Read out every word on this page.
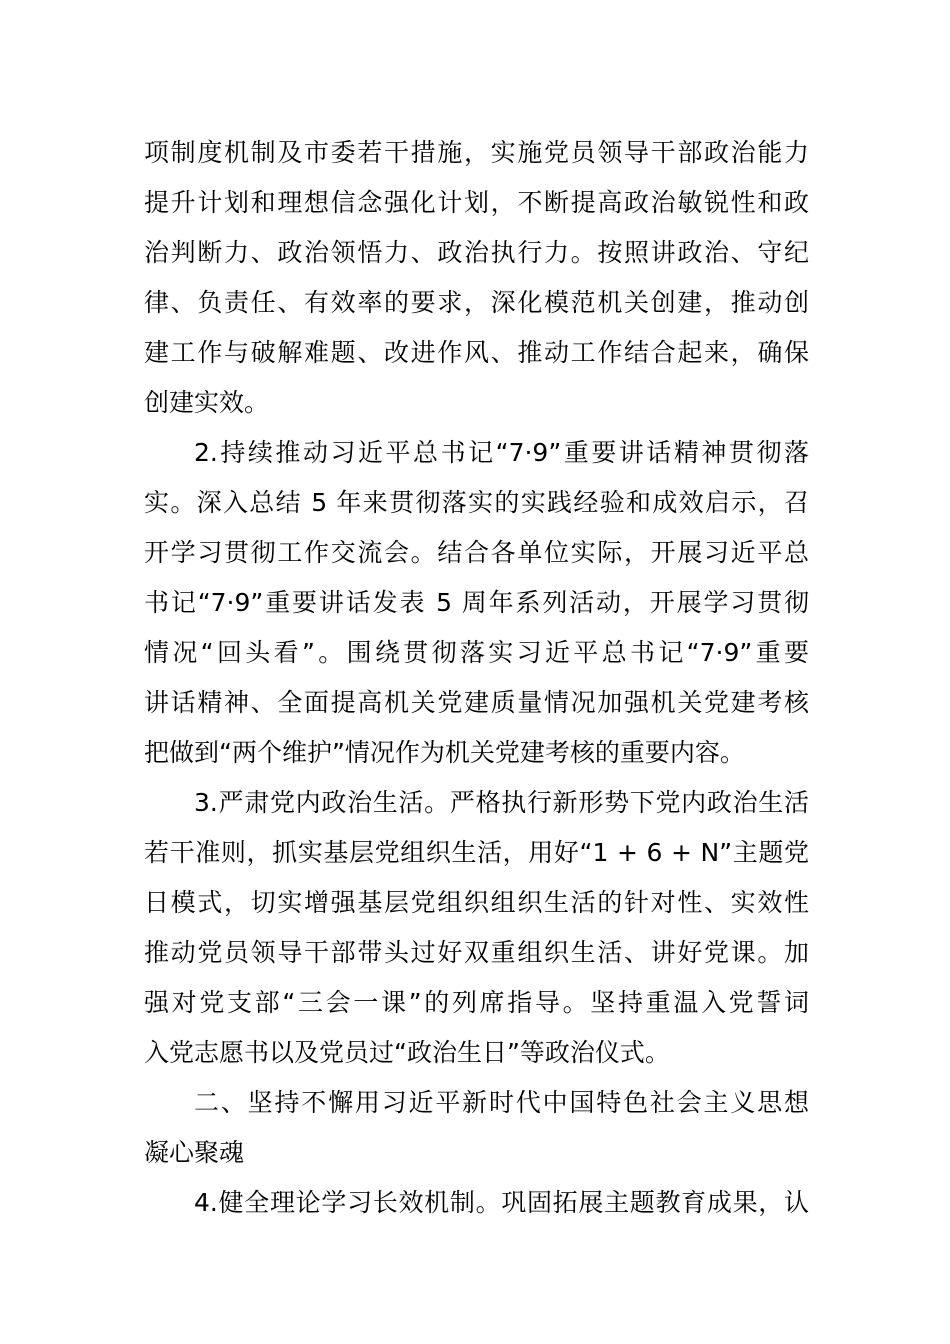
项制度机制及市委若干措施，实施党员领导干部政治能力
提升计划和理想信念强化计划，不断提高政治敏锐性和政
治判断力、政治领悟力、政治执行力。按照讲政治、守纪
律、负责任、有效率的要求，深化模范机关创建，推动创
建工作与破解难题、改进作风、推动工作结合起来，确保
创建实效。
2.持续推动习近平总书记“7·9”重要讲话精神贯彻落
实。深入总结 5 年来贯彻落实的实践经验和成效启示，召
开学习贯彻工作交流会。结合各单位实际，开展习近平总
书记“7·9”重要讲话发表 5 周年系列活动，开展学习贯彻
情况“回头看”。围绕贯彻落实习近平总书记“7·9”重要
讲话精神、全面提高机关党建质量情况加强机关党建考核
把做到“两个维护”情况作为机关党建考核的重要内容。
3.严肃党内政治生活。严格执行新形势下党内政治生活
若干准则，抓实基层党组织生活，用好“1 + 6 + N”主题党
日模式，切实增强基层党组织组织生活的针对性、实效性
推动党员领导干部带头过好双重组织生活、讲好党课。加
强对党支部“三会一课”的列席指导。坚持重温入党誓词
入党志愿书以及党员过“政治生日”等政治仪式。
二、坚持不懈用习近平新时代中国特色社会主义思想
凝心聚魂
4.健全理论学习长效机制。巩固拓展主题教育成果，认
